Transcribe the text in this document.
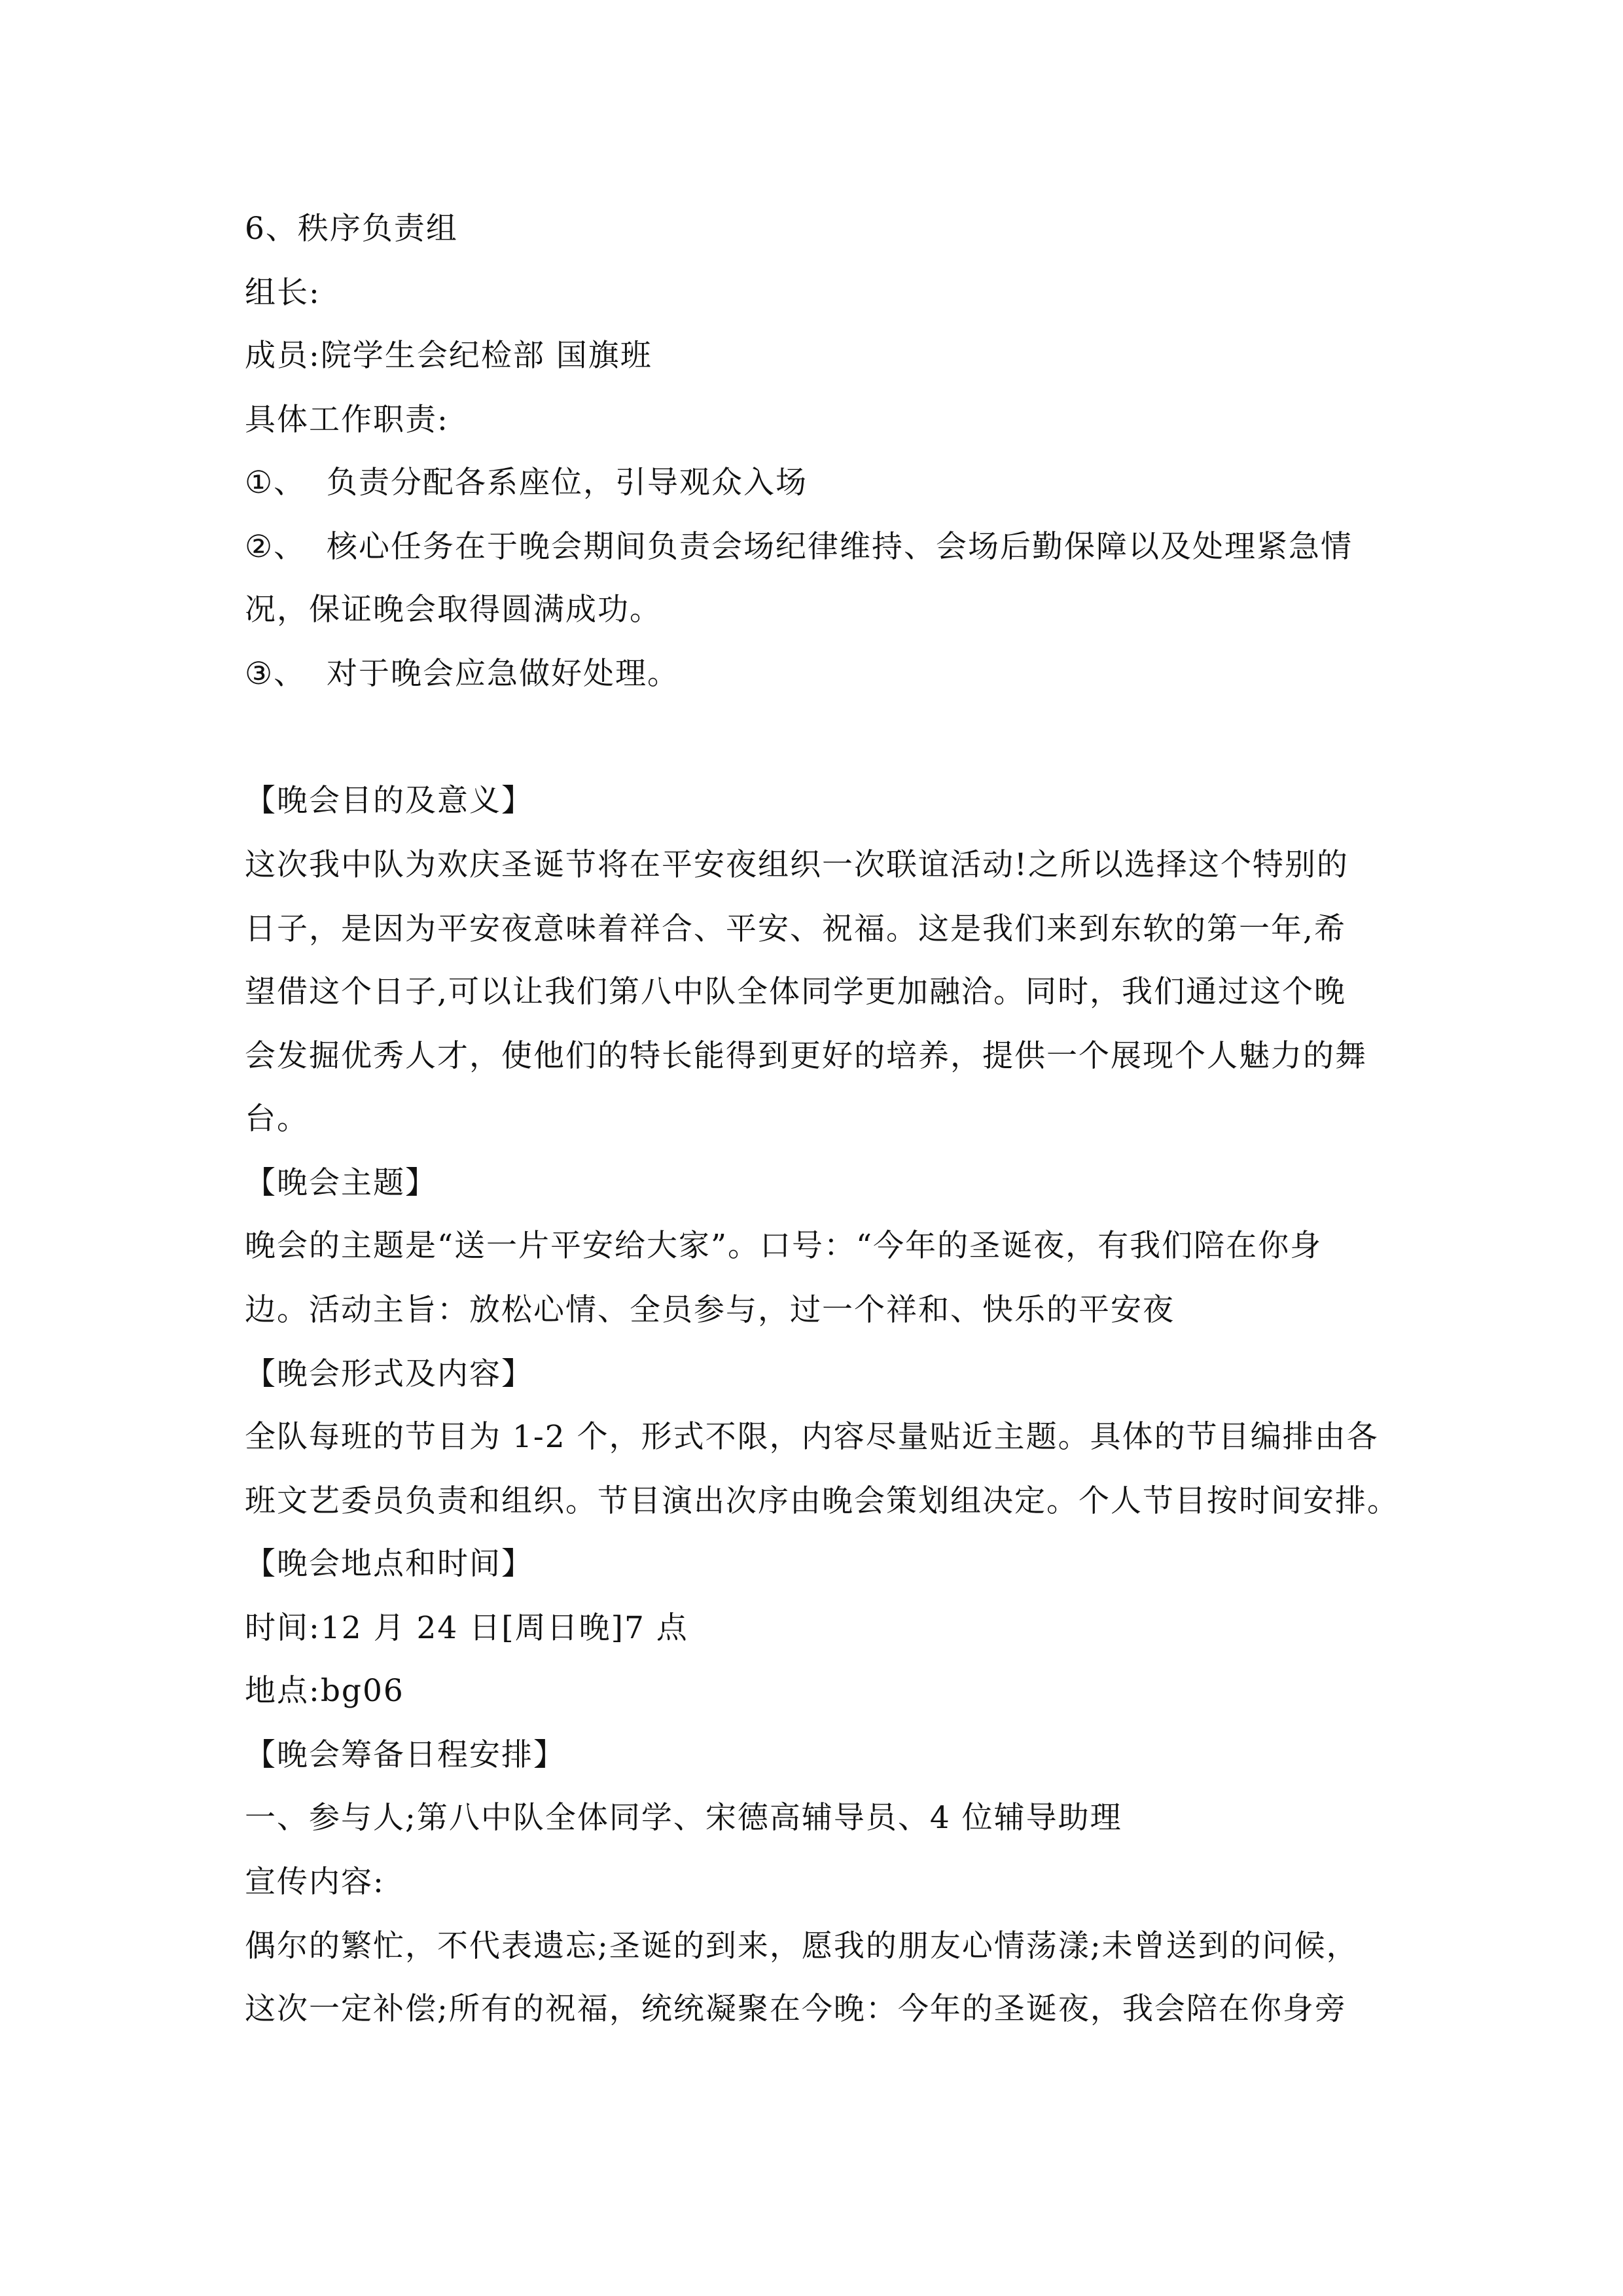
6、秩序负责组
组长:
成员:院学生会纪检部 国旗班
具体工作职责:
①、 负责分配各系座位，引导观众入场
②、 核心任务在于晚会期间负责会场纪律维持、会场后勤保障以及处理紧急情
况，保证晚会取得圆满成功。
③、 对于晚会应急做好处理。
【晚会目的及意义】
这次我中队为欢庆圣诞节将在平安夜组织一次联谊活动!之所以选择这个特别的
日子，是因为平安夜意味着祥合、平安、祝福。这是我们来到东软的第一年,希
望借这个日子,可以让我们第八中队全体同学更加融洽。同时，我们通过这个晚
会发掘优秀人才，使他们的特长能得到更好的培养，提供一个展现个人魅力的舞
台。
【晚会主题】
晚会的主题是“送一片平安给大家”。口号：“今年的圣诞夜，有我们陪在你身
边。活动主旨：放松心情、全员参与，过一个祥和、快乐的平安夜
【晚会形式及内容】
全队每班的节目为 1-2 个，形式不限，内容尽量贴近主题。具体的节目编排由各
班文艺委员负责和组织。节目演出次序由晚会策划组决定。个人节目按时间安排。
【晚会地点和时间】
时间:12 月 24 日[周日晚]7 点
地点:bg06
【晚会筹备日程安排】
一、参与人;第八中队全体同学、宋德高辅导员、4 位辅导助理
宣传内容:
偶尔的繁忙，不代表遗忘;圣诞的到来，愿我的朋友心情荡漾;未曾送到的问候，
这次一定补偿;所有的祝福，统统凝聚在今晚：今年的圣诞夜，我会陪在你身旁
